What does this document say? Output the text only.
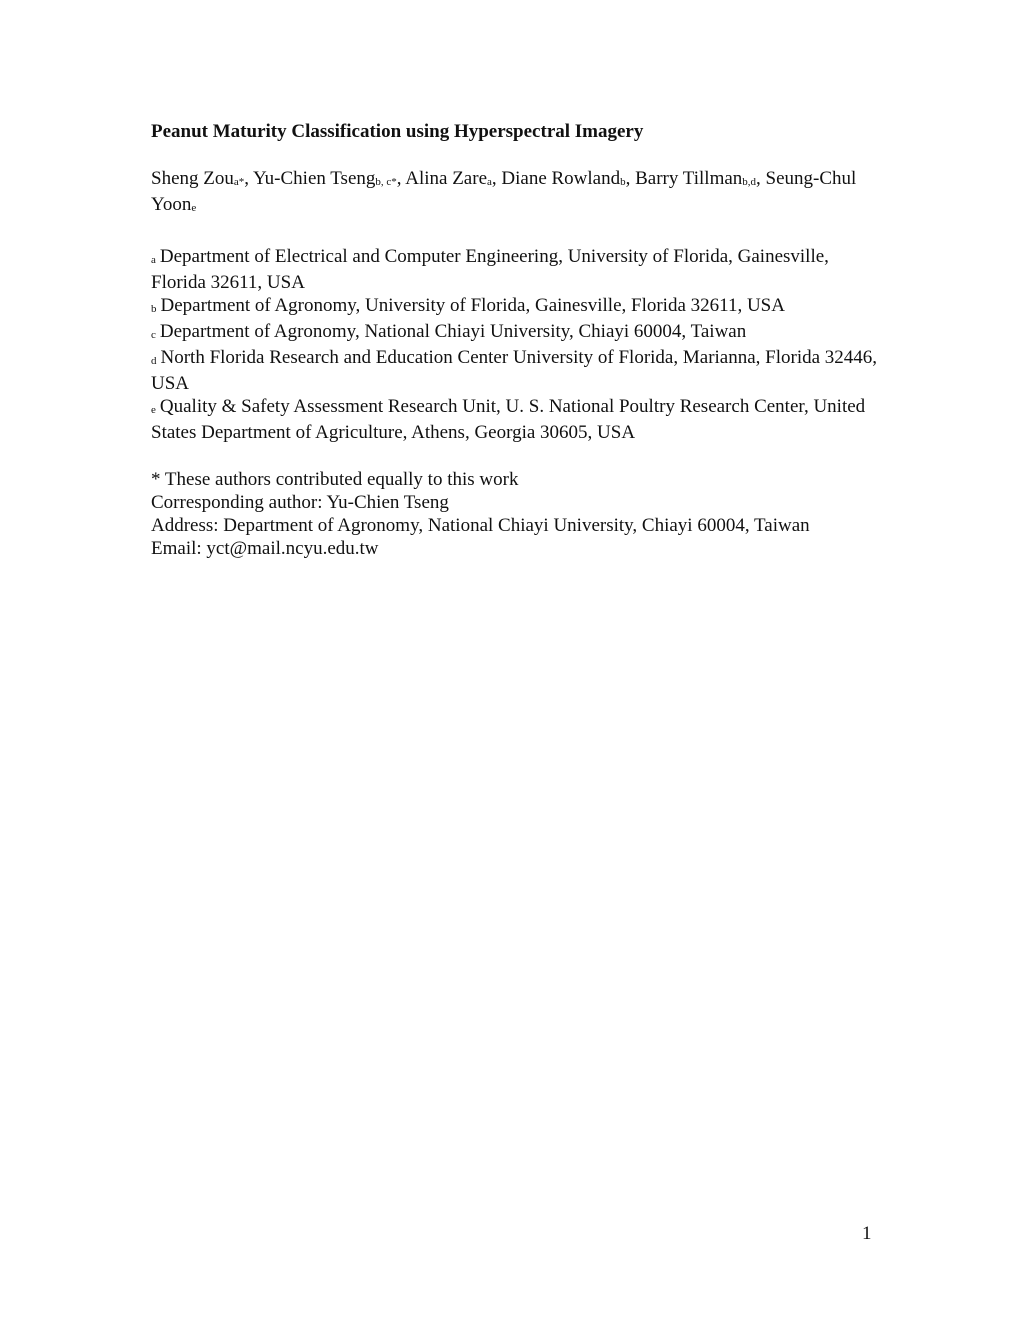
Peanut Maturity Classification using Hyperspectral Imagery
Sheng Zoua*, Yu-Chien Tsengb, c*, Alina Zarea, Diane Rowlandb, Barry Tillmanb,d, Seung-Chul Yoone

a Department of Electrical and Computer Engineering, University of Florida, Gainesville, Florida 32611, USA

b Department of Agronomy, University of Florida, Gainesville, Florida 32611, USA

c Department of Agronomy, National Chiayi University, Chiayi 60004, Taiwan

d North Florida Research and Education Center University of Florida, Marianna, Florida 32446, USA

e Quality & Safety Assessment Research Unit, U. S. National Poultry Research Center, United States Department of Agriculture, Athens, Georgia 30605, USA

* These authors contributed equally to this work

Corresponding author: Yu-Chien Tseng

Address: Department of Agronomy, National Chiayi University, Chiayi 60004, Taiwan

Email: yct@mail.ncyu.edu.tw

1
